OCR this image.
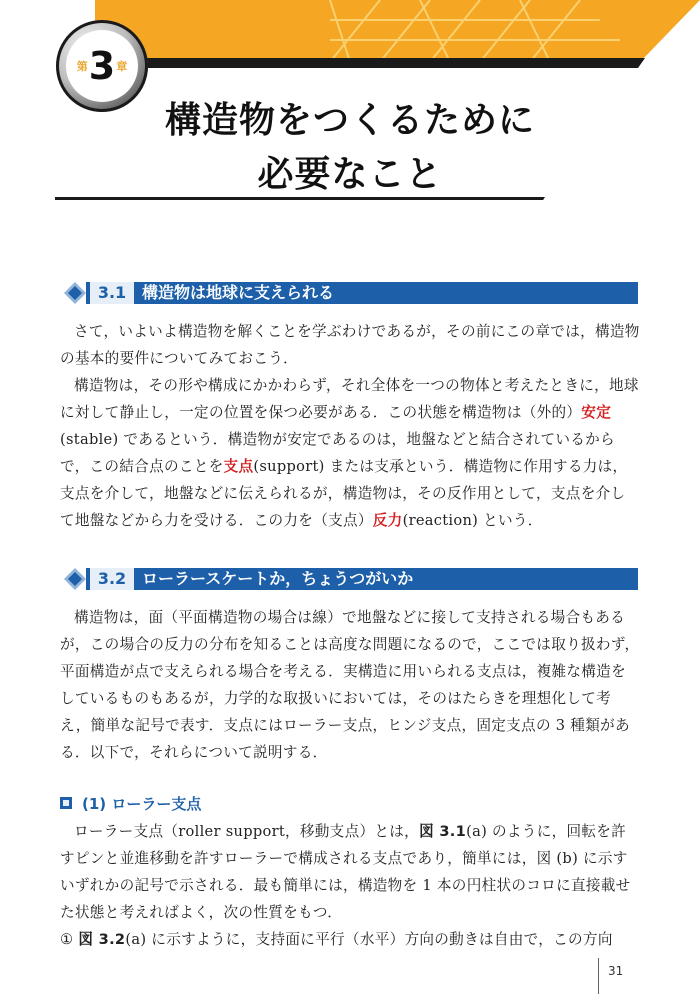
第 3 章
構造物をつくるために
必要なこと
3.1 構造物は地球に支えられる

さて，いよいよ構造物を解くことを学ぶわけであるが，その前にこの章では，構造物の基本的要件についてみておこう．

構造物は，その形や構成にかかわらず，それ全体を一つの物体と考えたときに，地球に対して静止し，一定の位置を保つ必要がある．この状態を構造物は（外的）安定(stable) であるという．構造物が安定であるのは，地盤などと結合されているからで，この結合点のことを支点(support) または支承という．構造物に作用する力は，支点を介して，地盤などに伝えられるが，構造物は，その反作用として，支点を介して地盤などから力を受ける．この力を（支点）反力(reaction) という．

3.2 ローラースケートか，ちょうつがいか

構造物は，面（平面構造物の場合は線）で地盤などに接して支持される場合もあるが，この場合の反力の分布を知ることは高度な問題になるので，ここでは取り扱わず，平面構造が点で支えられる場合を考える．実構造に用いられる支点は，複雑な構造をしているものもあるが，力学的な取扱いにおいては，そのはたらきを理想化して考え，簡単な記号で表す．支点にはローラー支点，ヒンジ支点，固定支点の 3 種類がある．以下で，それらについて説明する．

(1) ローラー支点

ローラー支点（roller support，移動支点）とは，図 3.1(a) のように，回転を許すピンと並進移動を許すローラーで構成される支点であり，簡単には，図 (b) に示すいずれかの記号で示される．最も簡単には，構造物を 1 本の円柱状のコロに直接載せた状態と考えればよく，次の性質をもつ．

① 図 3.2(a) に示すように，支持面に平行（水平）方向の動きは自由で，この方向

31
